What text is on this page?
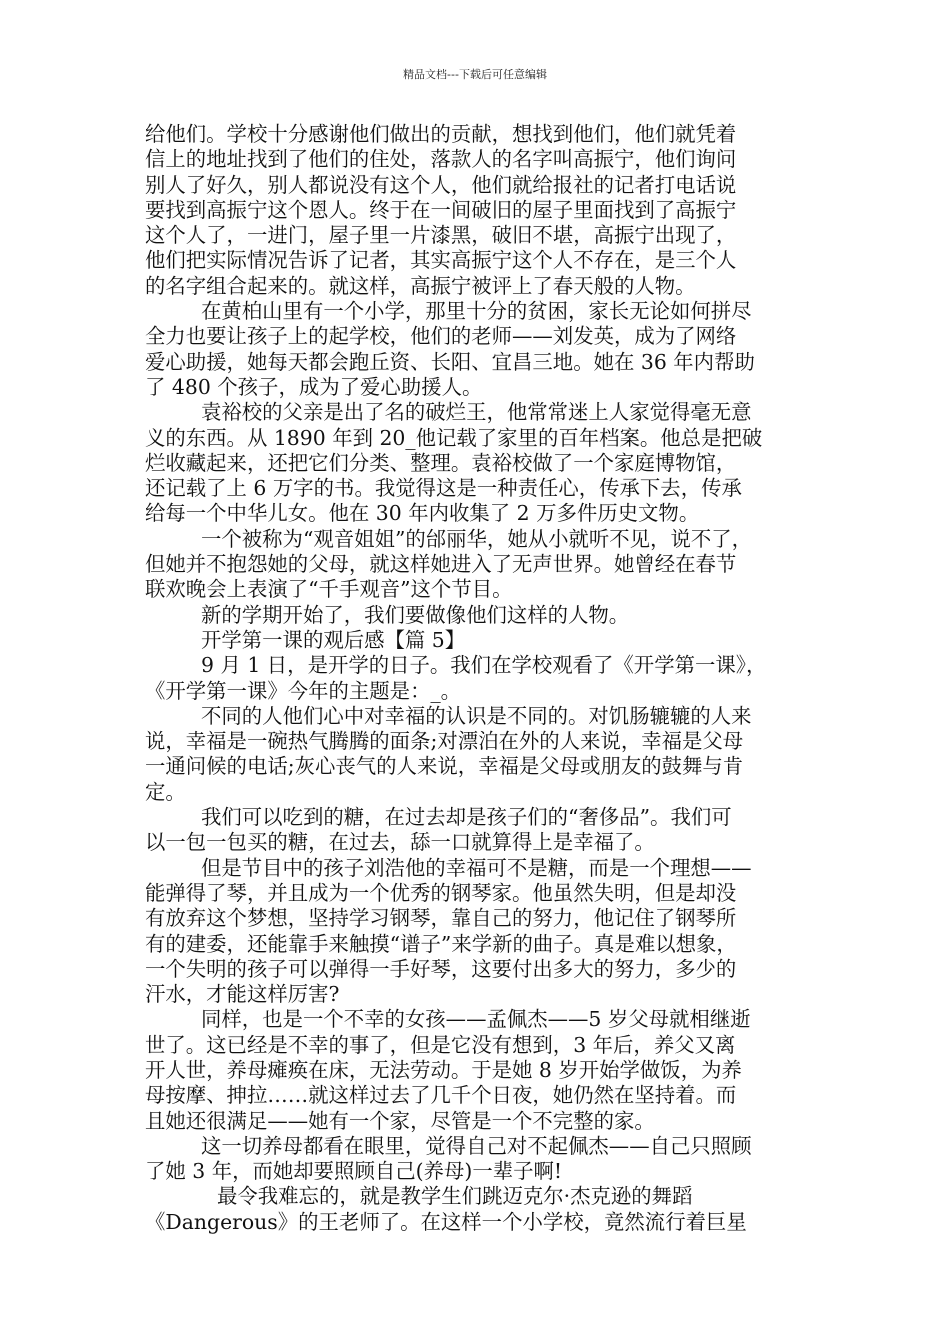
精品文档---下载后可任意编辑
给他们。学校十分感谢他们做出的贡献，想找到他们，他们就凭着
信上的地址找到了他们的住处，落款人的名字叫高振宁，他们询问
别人了好久，别人都说没有这个人，他们就给报社的记者打电话说
要找到高振宁这个恩人。终于在一间破旧的屋子里面找到了高振宁
这个人了，一进门，屋子里一片漆黑，破旧不堪，高振宁出现了，
他们把实际情况告诉了记者，其实高振宁这个人不存在，是三个人
的名字组合起来的。就这样，高振宁被评上了春天般的人物。
在黄柏山里有一个小学，那里十分的贫困，家长无论如何拼尽
全力也要让孩子上的起学校，他们的老师——刘发英，成为了网络
爱心助援，她每天都会跑丘资、长阳、宜昌三地。她在 36 年内帮助
了 480 个孩子，成为了爱心助援人。
袁裕校的父亲是出了名的破烂王，他常常迷上人家觉得毫无意
义的东西。从 1890 年到 20_他记载了家里的百年档案。他总是把破
烂收藏起来，还把它们分类、整理。袁裕校做了一个家庭博物馆，
还记载了上 6 万字的书。我觉得这是一种责任心，传承下去，传承
给每一个中华儿女。他在 30 年内收集了 2 万多件历史文物。
一个被称为“观音姐姐”的邰丽华，她从小就听不见，说不了，
但她并不抱怨她的父母，就这样她进入了无声世界。她曾经在春节
联欢晚会上表演了“千手观音”这个节目。
新的学期开始了，我们要做像他们这样的人物。
开学第一课的观后感【篇 5】
9 月 1 日，是开学的日子。我们在学校观看了《开学第一课》，
《开学第一课》今年的主题是：_。
不同的人他们心中对幸福的认识是不同的。对饥肠辘辘的人来
说，幸福是一碗热气腾腾的面条;对漂泊在外的人来说，幸福是父母
一通问候的电话;灰心丧气的人来说，幸福是父母或朋友的鼓舞与肯
定。
我们可以吃到的糖，在过去却是孩子们的“奢侈品”。我们可
以一包一包买的糖，在过去，舔一口就算得上是幸福了。
但是节目中的孩子刘浩他的幸福可不是糖，而是一个理想——
能弹得了琴，并且成为一个优秀的钢琴家。他虽然失明，但是却没
有放弃这个梦想，坚持学习钢琴，靠自己的努力，他记住了钢琴所
有的建委，还能靠手来触摸“谱子”来学新的曲子。真是难以想象，
一个失明的孩子可以弹得一手好琴，这要付出多大的努力，多少的
汗水，才能这样厉害?
同样，也是一个不幸的女孩——孟佩杰——5 岁父母就相继逝
世了。这已经是不幸的事了，但是它没有想到，3 年后，养父又离
开人世，养母瘫痪在床，无法劳动。于是她 8 岁开始学做饭，为养
母按摩、抻拉……就这样过去了几千个日夜，她仍然在坚持着。而
且她还很满足——她有一个家，尽管是一个不完整的家。
这一切养母都看在眼里，觉得自己对不起佩杰——自己只照顾
了她 3 年，而她却要照顾自己(养母)一辈子啊!
最令我难忘的，就是教学生们跳迈克尔·杰克逊的舞蹈
《Dangerous》的王老师了。在这样一个小学校，竟然流行着巨星
